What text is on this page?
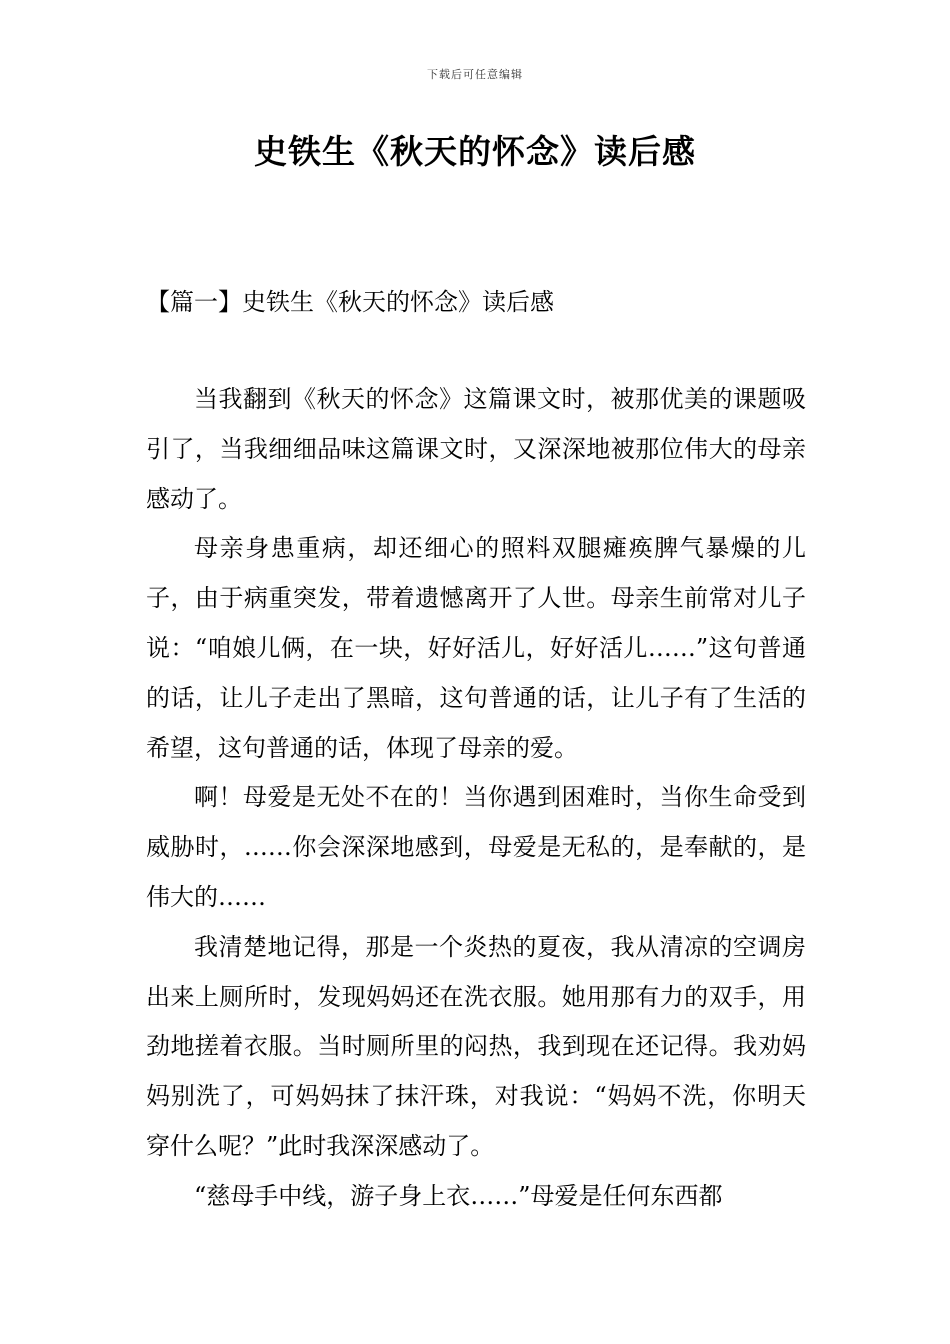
下载后可任意编辑
史铁生《秋天的怀念》读后感
【篇一】史铁生《秋天的怀念》读后感

当我翻到《秋天的怀念》这篇课文时，被那优美的课题吸引了，当我细细品味这篇课文时，又深深地被那位伟大的母亲感动了。

母亲身患重病，却还细心的照料双腿瘫痪脾气暴燥的儿子，由于病重突发，带着遗憾离开了人世。母亲生前常对儿子说：“咱娘儿俩，在一块，好好活儿，好好活儿……”这句普通的话，让儿子走出了黑暗，这句普通的话，让儿子有了生活的希望，这句普通的话，体现了母亲的爱。

啊！母爱是无处不在的！当你遇到困难时，当你生命受到威胁时，……你会深深地感到，母爱是无私的，是奉献的，是伟大的……

我清楚地记得，那是一个炎热的夏夜，我从清凉的空调房出来上厕所时，发现妈妈还在洗衣服。她用那有力的双手，用劲地搓着衣服。当时厕所里的闷热，我到现在还记得。我劝妈妈别洗了，可妈妈抹了抹汗珠，对我说：“妈妈不洗，你明天穿什么呢？”此时我深深感动了。

“慈母手中线，游子身上衣……”母爱是任何东西都
